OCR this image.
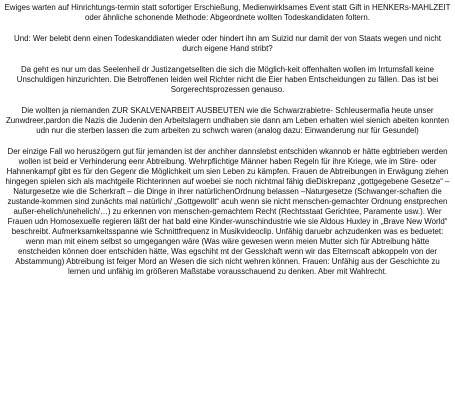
Ewiges warten auf Hinrichtungs-termin statt sofortiger Erschießung, Medienwirklsames Event statt Gift in HENKERs-MAHLZEIT oder ähnliche schonende Methode: Abgeordnete wollten Todeskandidaten foltern.

Und: Wer belebt denn einen Todeskanddiaten wieder oder hindert ihn am Suizid nur damit der von Staats wegen und nicht durch eigene Hand stribt?

Da geht es nur um das Seelenheil dr Justizangetsellten die sich die Möglich-keit offenhalten wollen im Irrtumsfall keine Unschuldigen hinzurichten. Die Betroffenen leiden weil Richter nicht die Eier haben Entscheidungen zu fällen. Das ist bei Sorgerechtsprozessen genauso.

Die wollten ja niemanden ZUR SKALVENARBEIT AUSBEUTEN wie die Schwarzrabietre- Schleusermafia heute unser Zunwdreer,pardon die Nazis die Judenin den Arbeitslagern undhaben sie dann am Leben erhalten wiel sienich abeiten konnten udn nur die sterben lassen die zum arbeiten zu schwch waren (analog dazu: Einwanderung nur für Gesundel)

Der einzige Fall wo heruszögern gut für jemanden ist der anchher dannslebst entschiden wkannob er hätte egbtrieben werden wollen ist beid er Verhinderung eenr Abtreibung. Wehrpflichtige Männer haben Regeln für ihre Kriege, wie im Stire- oder Hahnenkampf gibt es für den Gegenr die Möglichkeit um sien Leben zu kämpfen. Frauen de Abtreibungen in Erwägung ziehen hingegen spielen sich als machtgeile Richterinnen auf woebei sie noch nichtmal fähig dieDiskrepanz „gottgegebene Gesetze“ – Naturgesetze wie die Scherkraft – die Dinge in ihrer natürlichenOrdnung belassen –Naturgesetze (Schwanger-schaften die zustande-kommen sind zunächts mal natürlich/ „Gottgewollt“ acuh wenn sie nicht menschen-gemachter Ordnung enstprechen außer-ehelich/unehelich/…) zu erkennen von menschen-gemachtem Recht (Rechtsstaat Gerichtee, Paramente usw.). Wer Frauen udn Homosexuelle regieren läßt der hat bald eine Kinder-wunschindustrie wie sie Aldous Huxley in „Brave New World“ beschreibt. Aufmerksamkeitsspanne wie Schnittfrequenz in Musikvideoclip. Unfähig daruebr achzudenken was es beduetet: wenn man mit einem selbst so umgegangen wäre (Was wäre gewesen wenn meien Mutter sich für Abtreibung hätte enstcheiden können doer entschiden hätte, Was egschiht mt der Gesslchaft wenn wir das Elternscaft abkoppeln von der Abstammung) Abtreibung ist feiger Mord an Wesen die sich nicht wehren können. Frauen: Unfähig aus der Geschichte zu lernen und unfähig im größeren Maßstabe vorausschauend zu denken. Aber mit Wahlrecht.
